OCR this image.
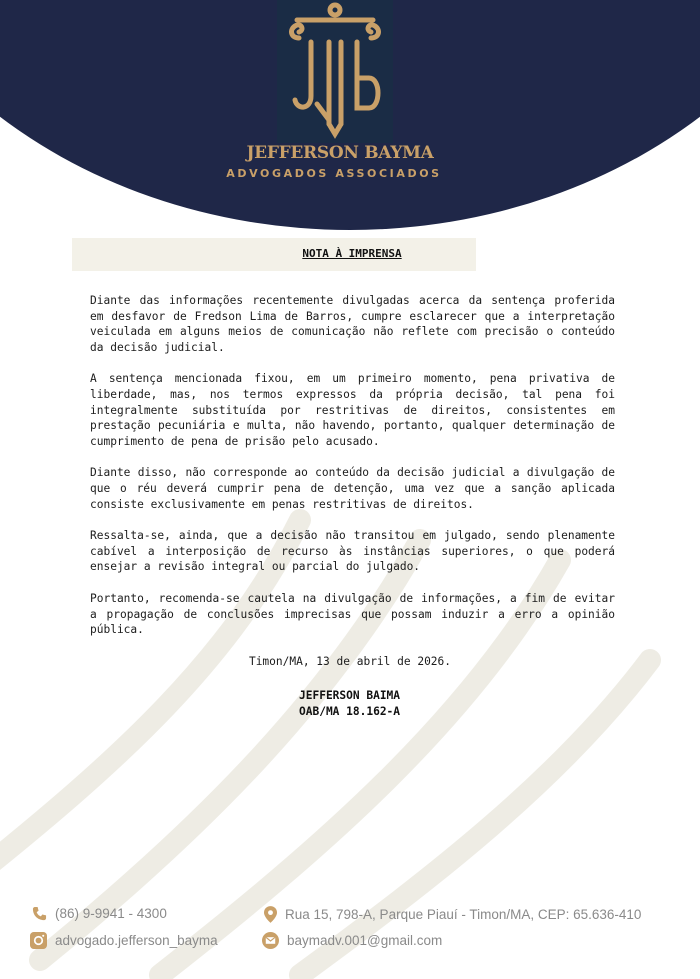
JEFFERSON BAYMA
ADVOGADOS ASSOCIADOS
NOTA À IMPRENSA

Diante das informações recentemente divulgadas acerca da sentença proferida em desfavor de Fredson Lima de Barros, cumpre esclarecer que a interpretação veiculada em alguns meios de comunicação não reflete com precisão o conteúdo da decisão judicial.

A sentença mencionada fixou, em um primeiro momento, pena privativa de liberdade, mas, nos termos expressos da própria decisão, tal pena foi integralmente substituída por restritivas de direitos, consistentes em prestação pecuniária e multa, não havendo, portanto, qualquer determinação de cumprimento de pena de prisão pelo acusado.

Diante disso, não corresponde ao conteúdo da decisão judicial a divulgação de que o réu deverá cumprir pena de detenção, uma vez que a sanção aplicada consiste exclusivamente em penas restritivas de direitos.

Ressalta-se, ainda, que a decisão não transitou em julgado, sendo plenamente cabível a interposição de recurso às instâncias superiores, o que poderá ensejar a revisão integral ou parcial do julgado.

Portanto, recomenda-se cautela na divulgação de informações, a fim de evitar a propagação de conclusões imprecisas que possam induzir a erro a opinião pública.

Timon/MA, 13 de abril de 2026.
JEFFERSON BAIMA
OAB/MA 18.162-A
(86) 9-9941 - 4300	Rua 15, 798-A, Parque Piauí - Timon/MA, CEP: 65.636-410
advogado.jefferson_bayma	baymadv.001@gmail.com
